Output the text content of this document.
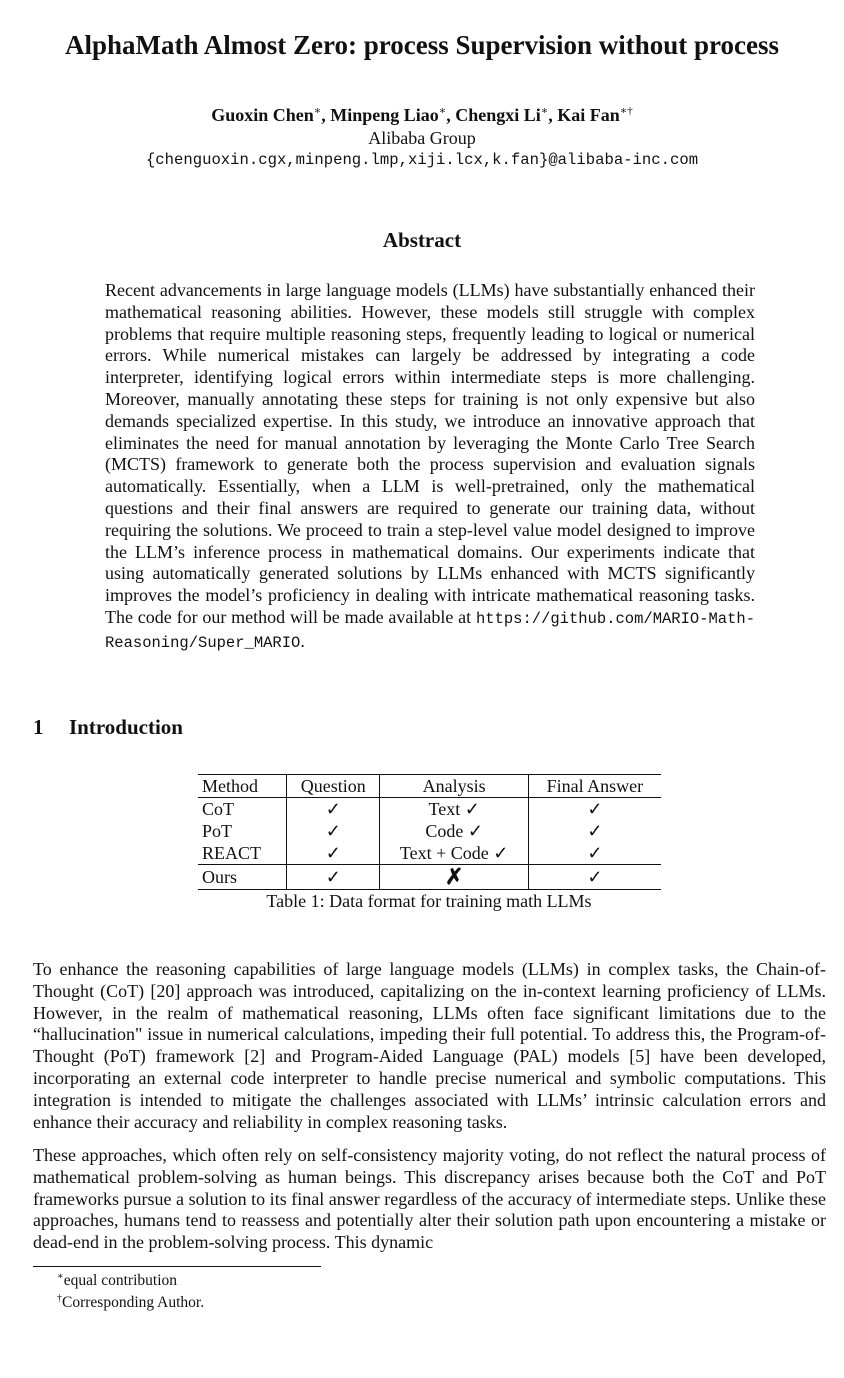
AlphaMath Almost Zero: process Supervision without process
Guoxin Chen∗, Minpeng Liao∗, Chengxi Li∗, Kai Fan∗†
Alibaba Group
{chenguoxin.cgx,minpeng.lmp,xiji.lcx,k.fan}@alibaba-inc.com
Abstract
Recent advancements in large language models (LLMs) have substantially enhanced their mathematical reasoning abilities. However, these models still struggle with complex problems that require multiple reasoning steps, frequently leading to logical or numerical errors. While numerical mistakes can largely be addressed by integrating a code interpreter, identifying logical errors within intermediate steps is more challenging. Moreover, manually annotating these steps for training is not only expensive but also demands specialized expertise. In this study, we introduce an innovative approach that eliminates the need for manual annotation by leveraging the Monte Carlo Tree Search (MCTS) framework to generate both the process supervision and evaluation signals automatically. Essentially, when a LLM is well-pretrained, only the mathematical questions and their final answers are required to generate our training data, without requiring the solutions. We proceed to train a step-level value model designed to improve the LLM’s inference process in mathematical domains. Our experiments indicate that using automatically generated solutions by LLMs enhanced with MCTS significantly improves the model’s proficiency in dealing with intricate mathematical reasoning tasks. The code for our method will be made available at https://github.com/MARIO-Math-Reasoning/Super_MARIO.
1 Introduction
Method	Question	Analysis	Final Answer
CoT	✓	Text ✓	✓
PoT	✓	Code ✓	✓
REACT	✓	Text + Code ✓	✓
Ours	✓	✗	✓
Table 1: Data format for training math LLMs
To enhance the reasoning capabilities of large language models (LLMs) in complex tasks, the Chain-of-Thought (CoT) [20] approach was introduced, capitalizing on the in-context learning proficiency of LLMs. However, in the realm of mathematical reasoning, LLMs often face significant limitations due to the “hallucination" issue in numerical calculations, impeding their full potential. To address this, the Program-of-Thought (PoT) framework [2] and Program-Aided Language (PAL) models [5] have been developed, incorporating an external code interpreter to handle precise numerical and symbolic computations. This integration is intended to mitigate the challenges associated with LLMs’ intrinsic calculation errors and enhance their accuracy and reliability in complex reasoning tasks.
These approaches, which often rely on self-consistency majority voting, do not reflect the natural process of mathematical problem-solving as human beings. This discrepancy arises because both the CoT and PoT frameworks pursue a solution to its final answer regardless of the accuracy of intermediate steps. Unlike these approaches, humans tend to reassess and potentially alter their solution path upon encountering a mistake or dead-end in the problem-solving process. This dynamic
∗equal contribution
†Corresponding Author.
